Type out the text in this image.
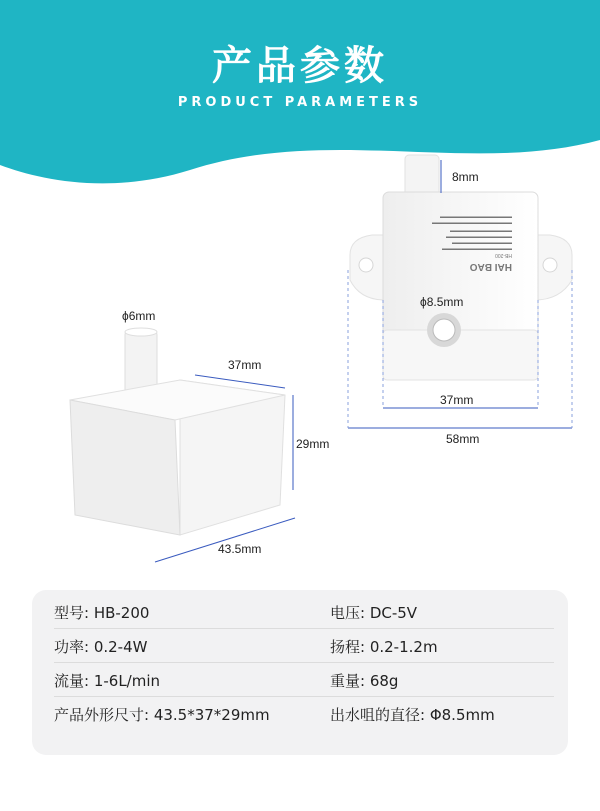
产品参数
PRODUCT PARAMETERS
HAI BAO
HB-200
8mm
ϕ8.5mm
37mm
58mm
ϕ6mm
37mm
29mm
43.5mm
型号: HB-200	电压: DC-5V
功率: 0.2-4W	扬程: 0.2-1.2m
流量: 1-6L/min	重量: 68g
产品外形尺寸: 43.5*37*29mm	出水咀的直径: Φ8.5mm
